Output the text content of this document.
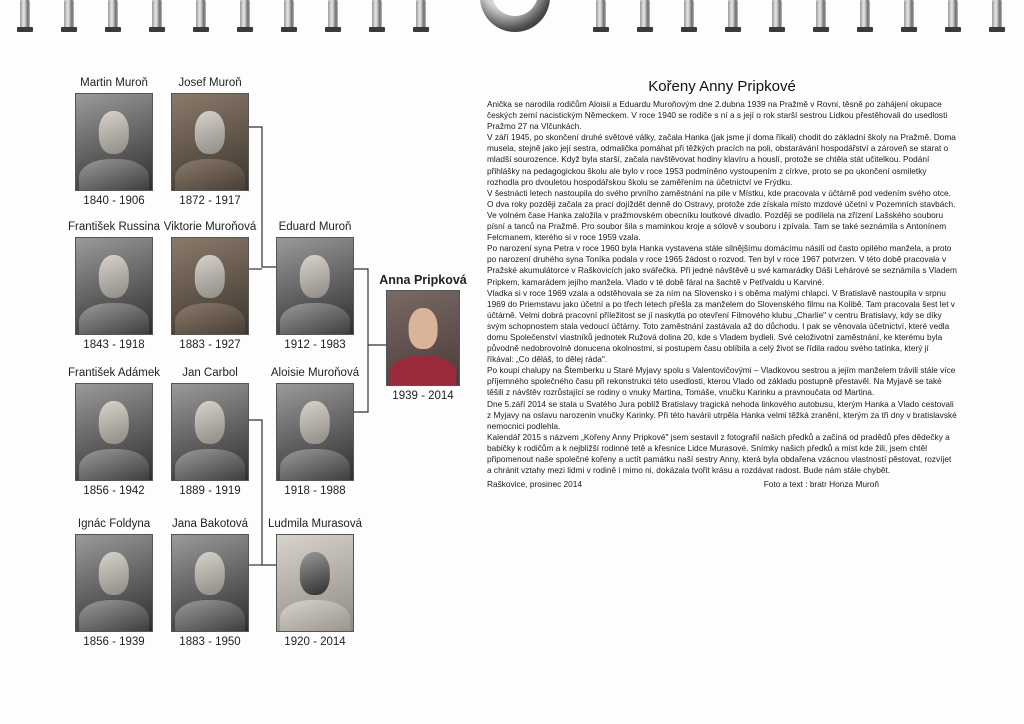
Martin Muroň
1840 - 1906
Josef Muroň
1872 - 1917
František Russina
1843 - 1918
Viktorie Muroňová
1883 - 1927
František Adámek
1856 - 1942
Jan Carbol
1889 - 1919
Ignác Foldyna
1856 - 1939
Jana Bakotová
1883 - 1950
Eduard Muroň
1912 - 1983
Aloisie Muroňová
1918 - 1988
Ludmila Murasová
1920 - 2014
Anna Pripková
1939 - 2014
Kořeny Anny Pripkové

Anička se narodila rodičům Aloisii a Eduardu Muroňovým dne 2.dubna 1939 na Pražmě v Rovni, těsně po zahájení okupace českých zemí nacistickým Německem. V roce 1940 se rodiče s ní a s její o rok starší sestrou Lidkou přestěhovali do usedlosti Pražmo 27 na Vlčunkách.

V září 1945, po skončení druhé světové války, začala Hanka (jak jsme jí doma říkali) chodit do základní školy na Pražmě. Doma musela, stejně jako její sestra, odmalička pomáhat při těžkých pracích na poli, obstarávání hospodářství a zároveň se starat o mladší sourozence. Když byla starší, začala navštěvovat hodiny klavíru a houslí, protože se chtěla stát učitelkou. Podání přihlášky na pedagogickou školu ale bylo v roce 1953 podmíněno vystoupením z církve, proto se po ukončení osmiletky rozhodla pro dvouletou hospodářskou školu se zaměřením na účetnictví ve Frýdku.

V šestnácti letech nastoupila do svého prvního zaměstnání na pile v Místku, kde pracovala v účtárně pod vedením svého otce. O dva roky později začala za prací dojíždět denně do Ostravy, protože zde získala místo mzdové účetní v Pozemních stavbách.

Ve volném čase Hanka založila v pražmovském obecníku loutkové divadlo. Později se podílela na zřízení Lašského souboru písní a tanců na Pražmě. Pro soubor šila s maminkou kroje a sólově v souboru i zpívala. Tam se také seznámila s Antonínem Felcmanem, kterého si v roce 1959 vzala.

Po narození syna Petra v roce 1960 byla Hanka vystavena stále silnějšímu domácímu násilí od často opilého manžela, a proto po narození druhého syna Toníka podala v roce 1965 žádost o rozvod. Ten byl v roce 1967 potvrzen. V této době pracovala v Pražské akumulátorce v Raškovicích jako svářečka. Při jedné návštěvě u své kamarádky Dáši Lehárové se seznámila s Vladem Pripkem, kamarádem jejího manžela. Vlado v té době fáral na šachtě v Petřvaldu u Karviné.

Vladka si v roce 1969 vzala a odstěhovala se za ním na Slovensko i s oběma malými chlapci. V Bratislavě nastoupila v srpnu 1969 do Priemstavu jako účetní a po třech letech přešla za manželem do Slovenského filmu na Kolibě. Tam pracovala šest let v účtárně. Velmi dobrá pracovní příležitost se jí naskytla po otevření Filmového klubu „Charlie" v centru Bratislavy, kdy se díky svým schopnostem stala vedoucí účtárny. Toto zaměstnání zastávala až do důchodu. I pak se věnovala účetnictví, které vedla domu Společenství vlastníků jednotek Ružová dolina 20, kde s Vladem bydleli. Své celoživotní zaměstnání, ke kterému byla původně nedobrovolně donucena okolnostmi, si postupem času oblíbila a celý život se řídila radou svého tatínka, který jí říkával: „Co děláš, to dělej ráda".

Po koupi chalupy na Štemberku u Staré Myjavy spolu s Valentovičovými – Vladkovou sestrou a jejím manželem trávili stále více příjemného společného času při rekonstrukci této usedlosti, kterou Vlado od základu postupně přestavěl. Na Myjavě se také těšili z návštěv rozrůstající se rodiny o vnuky Martina, Tomáše, vnučku Karinku a pravnoučata od Martina.

Dne 5.září 2014 se stala u Svatého Jura poblíž Bratislavy tragická nehoda linkového autobusu, kterým Hanka a Vlado cestovali z Myjavy na oslavu narozenin vnučky Karinky. Při této havárii utrpěla Hanka velmi těžká zranění, kterým za tři dny v bratislavské nemocnici podlehla.

Kalendář 2015 s názvem „Kořeny Anny Pripkové" jsem sestavil z fotografií našich předků a začíná od pradědů přes dědečky a babičky k rodičům a k nejbližší rodinné tetě a křesnice Lidce Murasové. Snímky našich předků a míst kde žili, jsem chtěl připomenout naše společné kořeny a uctít památku naší sestry Anny, která byla obdařena vzácnou vlastností pěstovat, rozvíjet a chránit vztahy mezi lidmi v rodině i mimo ni, dokázala tvořit krásu a rozdávat radost. Bude nám stále chybět.

Raškovice, prosinec 2014	Foto a text : bratr Honza Muroň
